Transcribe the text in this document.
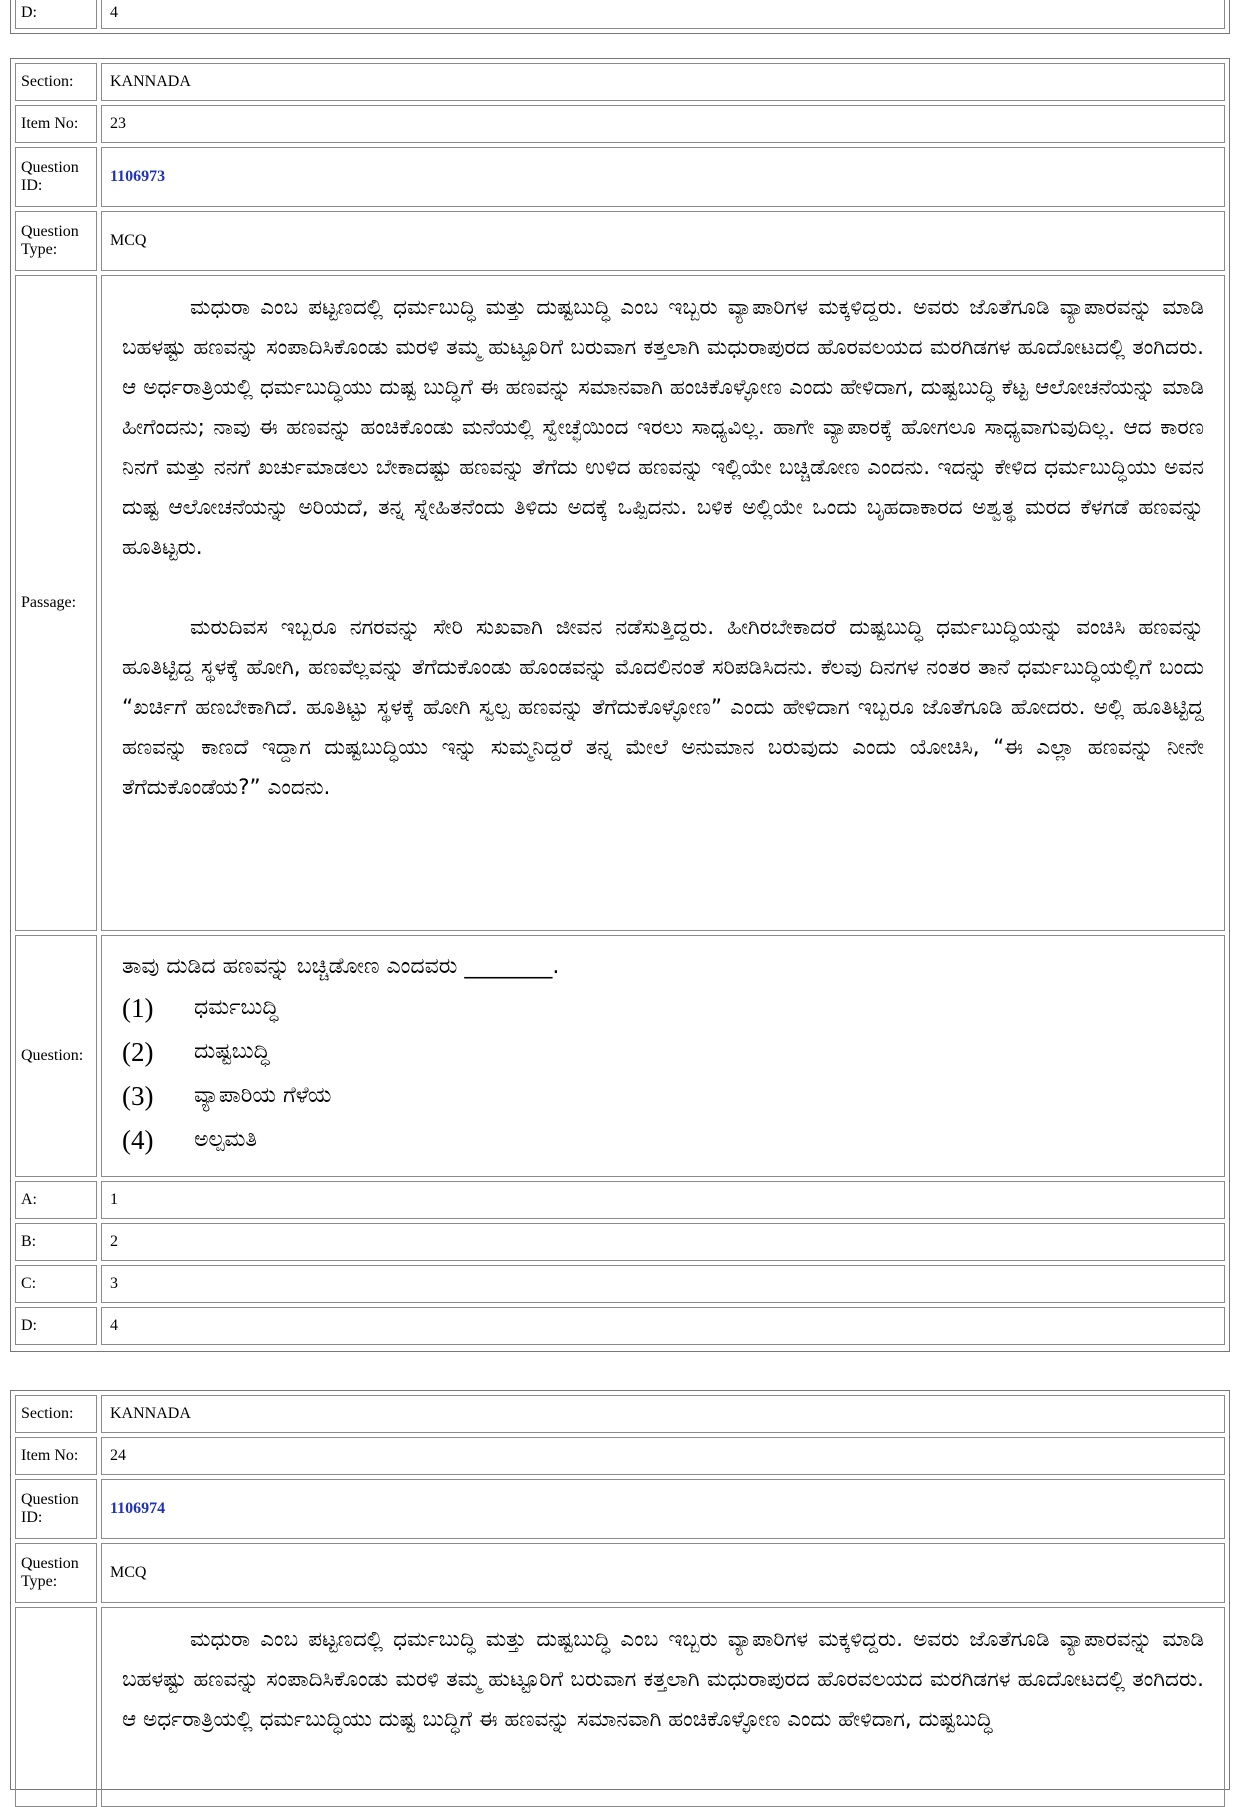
D:	4
Section:	KANNADA
Item No:	23
Question ID:
1106973
Question Type:
MCQ
Passage:

ಮಧುರಾ ಎಂಬ ಪಟ್ಟಣದಲ್ಲಿ ಧರ್ಮಬುದ್ಧಿ ಮತ್ತು ದುಷ್ಟಬುದ್ಧಿ ಎಂಬ ಇಬ್ಬರು ವ್ಯಾಪಾರಿಗಳ ಮಕ್ಕಳಿದ್ದರು. ಅವರು ಜೊತೆಗೂಡಿ ವ್ಯಾಪಾರವನ್ನು ಮಾಡಿ ಬಹಳಷ್ಟು ಹಣವನ್ನು ಸಂಪಾದಿಸಿಕೊಂಡು ಮರಳಿ ತಮ್ಮ ಹುಟ್ಟೂರಿಗೆ ಬರುವಾಗ ಕತ್ತಲಾಗಿ ಮಧುರಾಪುರದ ಹೊರವಲಯದ ಮರಗಿಡಗಳ ಹೂದೋಟದಲ್ಲಿ ತಂಗಿದರು. ಆ ಅರ್ಧರಾತ್ರಿಯಲ್ಲಿ ಧರ್ಮಬುದ್ಧಿಯು ದುಷ್ಟ ಬುದ್ಧಿಗೆ ಈ ಹಣವನ್ನು ಸಮಾನವಾಗಿ ಹಂಚಿಕೊಳ್ಳೋಣ ಎಂದು ಹೇಳಿದಾಗ, ದುಷ್ಟಬುದ್ಧಿ ಕೆಟ್ಟ ಆಲೋಚನೆಯನ್ನು ಮಾಡಿ ಹೀಗೆಂದನು; ನಾವು ಈ ಹಣವನ್ನು ಹಂಚಿಕೊಂಡು ಮನೆಯಲ್ಲಿ ಸ್ವೇಚ್ಛೆಯಿಂದ ಇರಲು ಸಾಧ್ಯವಿಲ್ಲ. ಹಾಗೇ ವ್ಯಾಪಾರಕ್ಕೆ ಹೋಗಲೂ ಸಾಧ್ಯವಾಗುವುದಿಲ್ಲ. ಆದ ಕಾರಣ ನಿನಗೆ ಮತ್ತು ನನಗೆ ಖರ್ಚುಮಾಡಲು ಬೇಕಾದಷ್ಟು ಹಣವನ್ನು ತೆಗೆದು ಉಳಿದ ಹಣವನ್ನು ಇಲ್ಲಿಯೇ ಬಚ್ಚಿಡೋಣ ಎಂದನು. ಇದನ್ನು ಕೇಳಿದ ಧರ್ಮಬುದ್ಧಿಯು ಅವನ ದುಷ್ಟ ಆಲೋಚನೆಯನ್ನು ಅರಿಯದೆ, ತನ್ನ ಸ್ನೇಹಿತನೆಂದು ತಿಳಿದು ಅದಕ್ಕೆ ಒಪ್ಪಿದನು. ಬಳಿಕ ಅಲ್ಲಿಯೇ ಒಂದು ಬೃಹದಾಕಾರದ ಅಶ್ವತ್ಥ ಮರದ ಕೆಳಗಡೆ ಹಣವನ್ನು ಹೂತಿಟ್ಟರು.

ಮರುದಿವಸ ಇಬ್ಬರೂ ನಗರವನ್ನು ಸೇರಿ ಸುಖವಾಗಿ ಜೀವನ ನಡೆಸುತ್ತಿದ್ದರು. ಹೀಗಿರಬೇಕಾದರೆ ದುಷ್ಟಬುದ್ಧಿ ಧರ್ಮಬುದ್ಧಿಯನ್ನು ವಂಚಿಸಿ ಹಣವನ್ನು ಹೂತಿಟ್ಟಿದ್ದ ಸ್ಥಳಕ್ಕೆ ಹೋಗಿ, ಹಣವೆಲ್ಲವನ್ನು ತೆಗೆದುಕೊಂಡು ಹೊಂಡವನ್ನು ಮೊದಲಿನಂತೆ ಸರಿಪಡಿಸಿದನು. ಕೆಲವು ದಿನಗಳ ನಂತರ ತಾನೆ ಧರ್ಮಬುದ್ಧಿಯಲ್ಲಿಗೆ ಬಂದು “ಖರ್ಚಿಗೆ ಹಣಬೇಕಾಗಿದೆ. ಹೂತಿಟ್ಟು ಸ್ಥಳಕ್ಕೆ ಹೋಗಿ ಸ್ವಲ್ಪ ಹಣವನ್ನು ತೆಗೆದುಕೊಳ್ಳೋಣ” ಎಂದು ಹೇಳಿದಾಗ ಇಬ್ಬರೂ ಜೊತೆಗೂಡಿ ಹೋದರು. ಅಲ್ಲಿ ಹೂತಿಟ್ಟಿದ್ದ ಹಣವನ್ನು ಕಾಣದೆ ಇದ್ದಾಗ ದುಷ್ಟಬುದ್ಧಿಯು ಇನ್ನು ಸುಮ್ಮನಿದ್ದರೆ ತನ್ನ ಮೇಲೆ ಅನುಮಾನ ಬರುವುದು ಎಂದು ಯೋಚಿಸಿ, “ಈ ಎಲ್ಲಾ ಹಣವನ್ನು ನೀನೇ ತೆಗೆದುಕೊಂಡೆಯ?” ಎಂದನು.

Question:
ತಾವು ದುಡಿದ ಹಣವನ್ನು ಬಚ್ಚಿಡೋಣ ಎಂದವರು ________.
(1)	ಧರ್ಮಬುದ್ಧಿ
(2)	ದುಷ್ಟಬುದ್ಧಿ
(3)	ವ್ಯಾಪಾರಿಯ ಗೆಳೆಯ
(4)	ಅಲ್ಪಮತಿ
A:	1
B:	2
C:	3
D:	4
Section:	KANNADA
Item No:	24
Question ID:
1106974
Question Type:
MCQ

ಮಧುರಾ ಎಂಬ ಪಟ್ಟಣದಲ್ಲಿ ಧರ್ಮಬುದ್ಧಿ ಮತ್ತು ದುಷ್ಟಬುದ್ಧಿ ಎಂಬ ಇಬ್ಬರು ವ್ಯಾಪಾರಿಗಳ ಮಕ್ಕಳಿದ್ದರು. ಅವರು ಜೊತೆಗೂಡಿ ವ್ಯಾಪಾರವನ್ನು ಮಾಡಿ ಬಹಳಷ್ಟು ಹಣವನ್ನು ಸಂಪಾದಿಸಿಕೊಂಡು ಮರಳಿ ತಮ್ಮ ಹುಟ್ಟೂರಿಗೆ ಬರುವಾಗ ಕತ್ತಲಾಗಿ ಮಧುರಾಪುರದ ಹೊರವಲಯದ ಮರಗಿಡಗಳ ಹೂದೋಟದಲ್ಲಿ ತಂಗಿದರು. ಆ ಅರ್ಧರಾತ್ರಿಯಲ್ಲಿ ಧರ್ಮಬುದ್ಧಿಯು ದುಷ್ಟ ಬುದ್ಧಿಗೆ ಈ ಹಣವನ್ನು ಸಮಾನವಾಗಿ ಹಂಚಿಕೊಳ್ಳೋಣ ಎಂದು ಹೇಳಿದಾಗ, ದುಷ್ಟಬುದ್ಧಿ
